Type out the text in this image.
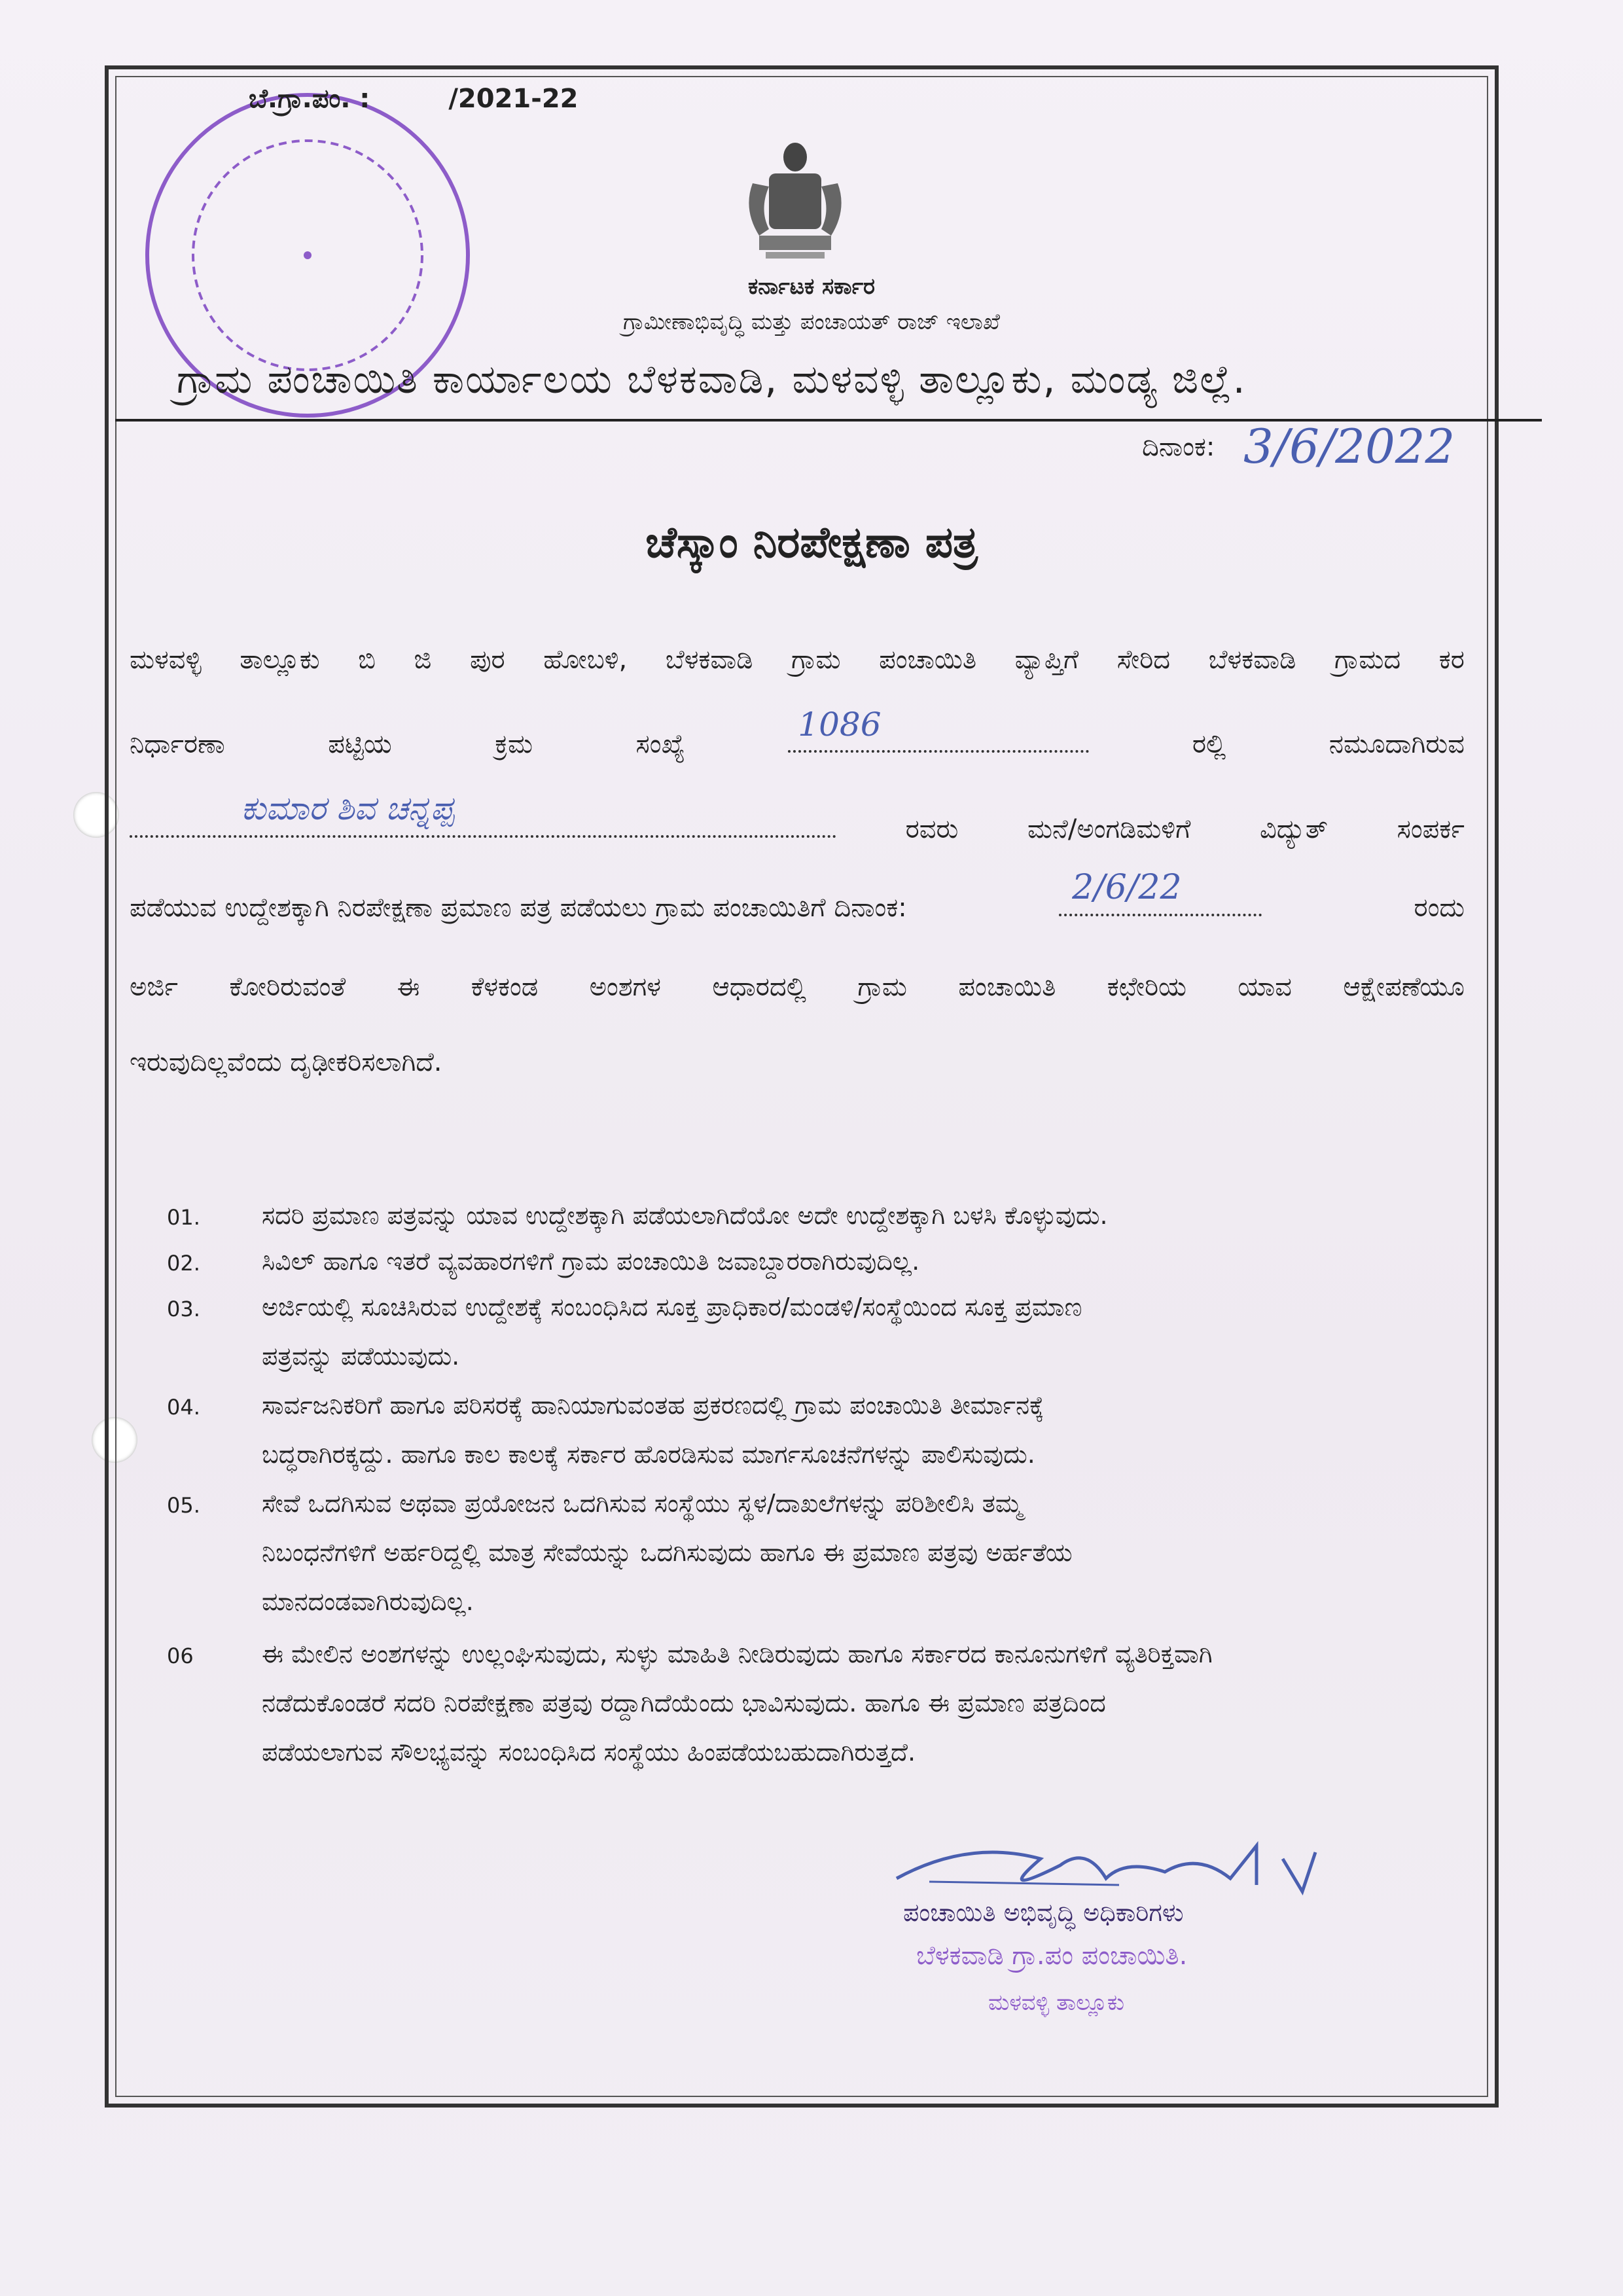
ಬೆ.ಗ್ರಾ.ಪಂ. :	/2021-22
ಕರ್ನಾಟಕ ಸರ್ಕಾರ
ಗ್ರಾಮೀಣಾಭಿವೃದ್ಧಿ ಮತ್ತು ಪಂಚಾಯತ್ ರಾಜ್ ಇಲಾಖೆ
ಗ್ರಾಮ ಪಂಚಾಯಿತಿ ಕಾರ್ಯಾಲಯ ಬೆಳಕವಾಡಿ, ಮಳವಳ್ಳಿ ತಾಲ್ಲೂಕು, ಮಂಡ್ಯ ಜಿಲ್ಲೆ.
ದಿನಾಂಕ: 3/6/2022
ಚೆಸ್ಕಾಂ ನಿರಪೇಕ್ಷಣಾ ಪತ್ರ
ಮಳವಳ್ಳಿ ತಾಲ್ಲೂಕು ಬಿ ಜಿ ಪುರ ಹೋಬಳಿ, ಬೆಳಕವಾಡಿ ಗ್ರಾಮ ಪಂಚಾಯಿತಿ ವ್ಯಾಪ್ತಿಗೆ ಸೇರಿದ ಬೆಳಕವಾಡಿ ಗ್ರಾಮದ ಕರ
ನಿರ್ಧಾರಣಾ	ಪಟ್ಟಿಯ	ಕ್ರಮ	ಸಂಖ್ಯೆ
1086
ರಲ್ಲಿ	ನಮೂದಾಗಿರುವ
ಕುಮಾರ ಶಿವ ಚನ್ನಪ್ಪ
ರವರು	ಮನೆ/ಅಂಗಡಿಮಳಿಗೆ	ವಿದ್ಯುತ್	ಸಂಪರ್ಕ
ಪಡೆಯುವ ಉದ್ದೇಶಕ್ಕಾಗಿ ನಿರಪೇಕ್ಷಣಾ ಪ್ರಮಾಣ ಪತ್ರ ಪಡೆಯಲು ಗ್ರಾಮ ಪಂಚಾಯಿತಿಗೆ ದಿನಾಂಕ:
2/6/22
ರಂದು
ಅರ್ಜಿ ಕೋರಿರುವಂತೆ ಈ ಕೆಳಕಂಡ ಅಂಶಗಳ ಆಧಾರದಲ್ಲಿ ಗ್ರಾಮ ಪಂಚಾಯಿತಿ ಕಛೇರಿಯ ಯಾವ ಆಕ್ಷೇಪಣೆಯೂ
ಇರುವುದಿಲ್ಲವೆಂದು ದೃಢೀಕರಿಸಲಾಗಿದೆ.
01. ಸದರಿ ಪ್ರಮಾಣ ಪತ್ರವನ್ನು ಯಾವ ಉದ್ದೇಶಕ್ಕಾಗಿ ಪಡೆಯಲಾಗಿದೆಯೋ ಅದೇ ಉದ್ದೇಶಕ್ಕಾಗಿ ಬಳಸಿ ಕೊಳ್ಳುವುದು.
02. ಸಿವಿಲ್ ಹಾಗೂ ಇತರೆ ವ್ಯವಹಾರಗಳಿಗೆ ಗ್ರಾಮ ಪಂಚಾಯಿತಿ ಜವಾಬ್ದಾರರಾಗಿರುವುದಿಲ್ಲ.
03. ಅರ್ಜಿಯಲ್ಲಿ ಸೂಚಿಸಿರುವ ಉದ್ದೇಶಕ್ಕೆ ಸಂಬಂಧಿಸಿದ ಸೂಕ್ತ ಪ್ರಾಧಿಕಾರ/ಮಂಡಳಿ/ಸಂಸ್ಥೆಯಿಂದ ಸೂಕ್ತ ಪ್ರಮಾಣ
ಪತ್ರವನ್ನು ಪಡೆಯುವುದು.
04. ಸಾರ್ವಜನಿಕರಿಗೆ ಹಾಗೂ ಪರಿಸರಕ್ಕೆ ಹಾನಿಯಾಗುವಂತಹ ಪ್ರಕರಣದಲ್ಲಿ ಗ್ರಾಮ ಪಂಚಾಯಿತಿ ತೀರ್ಮಾನಕ್ಕೆ
ಬದ್ಧರಾಗಿರಕ್ಕದ್ದು. ಹಾಗೂ ಕಾಲ ಕಾಲಕ್ಕೆ ಸರ್ಕಾರ ಹೊರಡಿಸುವ ಮಾರ್ಗಸೂಚನೆಗಳನ್ನು ಪಾಲಿಸುವುದು.
05. ಸೇವೆ ಒದಗಿಸುವ ಅಥವಾ ಪ್ರಯೋಜನ ಒದಗಿಸುವ ಸಂಸ್ಥೆಯು ಸ್ಥಳ/ದಾಖಲೆಗಳನ್ನು ಪರಿಶೀಲಿಸಿ ತಮ್ಮ
ನಿಬಂಧನೆಗಳಿಗೆ ಅರ್ಹರಿದ್ದಲ್ಲಿ ಮಾತ್ರ ಸೇವೆಯನ್ನು ಒದಗಿಸುವುದು ಹಾಗೂ ಈ ಪ್ರಮಾಣ ಪತ್ರವು ಅರ್ಹತೆಯ
ಮಾನದಂಡವಾಗಿರುವುದಿಲ್ಲ.
06	ಈ ಮೇಲಿನ ಅಂಶಗಳನ್ನು ಉಲ್ಲಂಘಿಸುವುದು, ಸುಳ್ಳು ಮಾಹಿತಿ ನೀಡಿರುವುದು ಹಾಗೂ ಸರ್ಕಾರದ ಕಾನೂನುಗಳಿಗೆ ವ್ಯತಿರಿಕ್ತವಾಗಿ
ನಡೆದುಕೊಂಡರೆ ಸದರಿ ನಿರಪೇಕ್ಷಣಾ ಪತ್ರವು ರದ್ದಾಗಿದೆಯೆಂದು ಭಾವಿಸುವುದು. ಹಾಗೂ ಈ ಪ್ರಮಾಣ ಪತ್ರದಿಂದ
ಪಡೆಯಲಾಗುವ ಸೌಲಭ್ಯವನ್ನು ಸಂಬಂಧಿಸಿದ ಸಂಸ್ಥೆಯು ಹಿಂಪಡೆಯಬಹುದಾಗಿರುತ್ತದೆ.
ಪಂಚಾಯಿತಿ ಅಭಿವೃದ್ಧಿ ಅಧಿಕಾರಿಗಳು
ಬೆಳಕವಾಡಿ ಗ್ರಾ.ಪಂ ಪಂಚಾಯಿತಿ.
ಮಳವಳ್ಳಿ ತಾಲ್ಲೂಕು
